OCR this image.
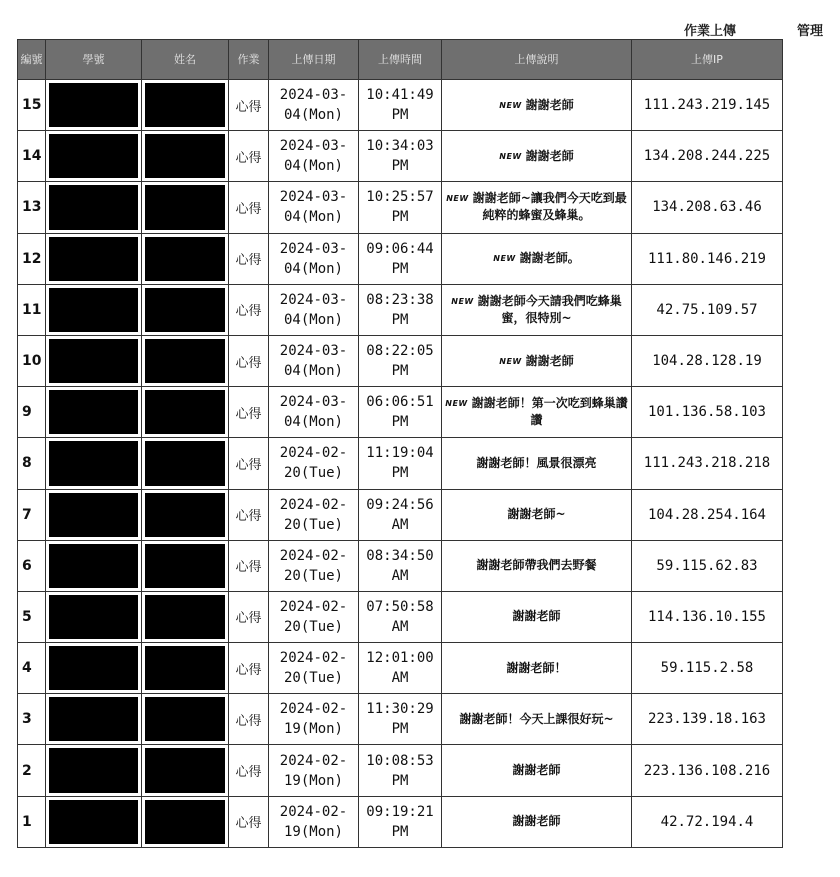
作業上傳	管理
編號	學號	姓名	作業	上傳日期	上傳時間	上傳說明	上傳IP
15			心得	2024-03-04(Mon)	10:41:49 PM	$^{NEW}$ 謝謝老師	111.243.219.145
14			心得	2024-03-04(Mon)	10:34:03 PM	$^{NEW}$ 謝謝老師	134.208.244.225
13			心得	2024-03-04(Mon)	10:25:57 PM	$^{NEW}$ 謝謝老師~讓我們今天吃到最純粹的蜂蜜及蜂巢。	134.208.63.46
12			心得	2024-03-04(Mon)	09:06:44 PM	$^{NEW}$ 謝謝老師。	111.80.146.219
11			心得	2024-03-04(Mon)	08:23:38 PM	$^{NEW}$ 謝謝老師今天請我們吃蜂巢蜜，很特別~	42.75.109.57
10			心得	2024-03-04(Mon)	08:22:05 PM	$^{NEW}$ 謝謝老師	104.28.128.19
9			心得	2024-03-04(Mon)	06:06:51 PM	$^{NEW}$ 謝謝老師！第一次吃到蜂巢讚讚	101.136.58.103
8			心得	2024-02-20(Tue)	11:19:04 PM	謝謝老師！風景很漂亮	111.243.218.218
7			心得	2024-02-20(Tue)	09:24:56 AM	謝謝老師~	104.28.254.164
6			心得	2024-02-20(Tue)	08:34:50 AM	謝謝老師帶我們去野餐	59.115.62.83
5			心得	2024-02-20(Tue)	07:50:58 AM	謝謝老師	114.136.10.155
4			心得	2024-02-20(Tue)	12:01:00 AM	謝謝老師！	59.115.2.58
3			心得	2024-02-19(Mon)	11:30:29 PM	謝謝老師！今天上課很好玩~	223.139.18.163
2			心得	2024-02-19(Mon)	10:08:53 PM	謝謝老師	223.136.108.216
1			心得	2024-02-19(Mon)	09:19:21 PM	謝謝老師	42.72.194.4
